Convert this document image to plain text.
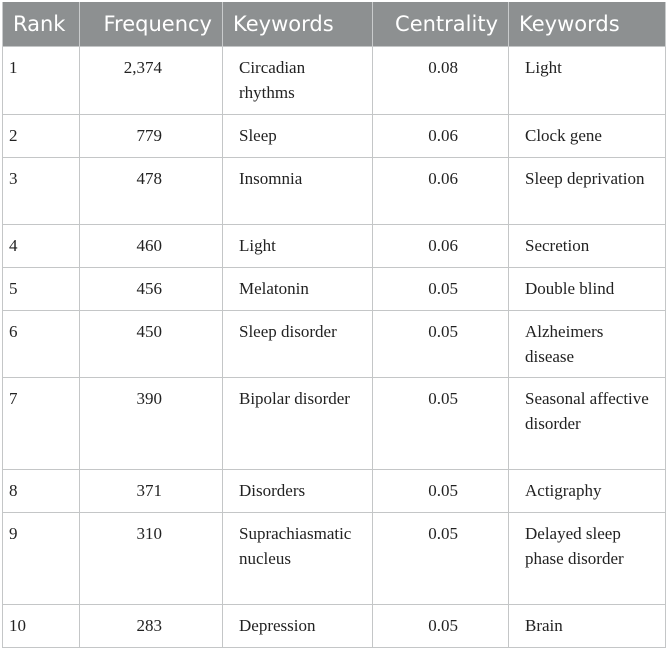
Rank	Frequency	Keywords	Centrality	Keywords
1	2,374	Circadian rhythms	0.08	Light
2	779	Sleep	0.06	Clock gene
3	478	Insomnia	0.06	Sleep deprivation
4	460	Light	0.06	Secretion
5	456	Melatonin	0.05	Double blind
6	450	Sleep disorder	0.05	Alzheimers disease
7	390	Bipolar disorder	0.05	Seasonal affective disorder
8	371	Disorders	0.05	Actigraphy
9	310	Suprachiasmatic nucleus	0.05	Delayed sleep phase disorder
10	283	Depression	0.05	Brain
